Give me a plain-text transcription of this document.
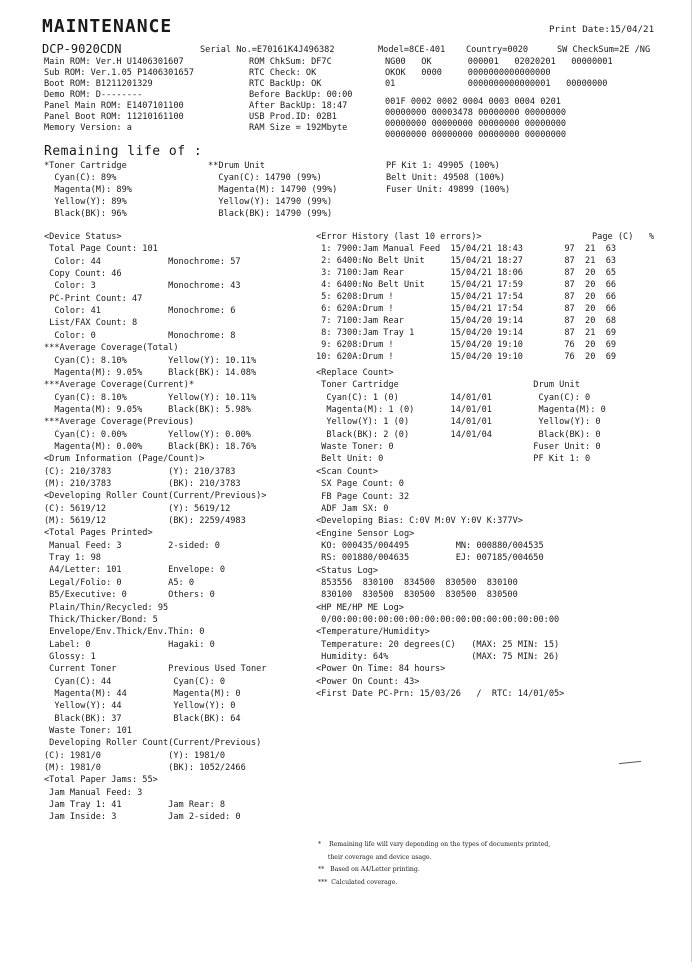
MAINTENANCE	Print Date:15/04/21
DCP-9020CDN	Serial No.=E70161K4J496382	Model=8CE-401 Country=0020	SW CheckSum=2E /NG
Main ROM: Ver.H U1406301607
Sub ROM: Ver.1.05 P1406301657
Boot ROM: B1211201329
Demo ROM: D--------
Panel Main ROM: E1407101100
Panel Boot ROM: 11210161100
Memory Version: a
ROM ChkSum: DF7C
RTC Check: OK
RTC BackUp: OK
Before BackUp: 00:00
After BackUp: 18:47
USB Prod.ID: 02B1
RAM Size = 192Mbyte
NG00   OK       000001   02020201   00000001
OKOK   0000     0000000000000000
01              0000000000000001   00000000
001F 0002 0002 0004 0003 0004 0201
00000000 00003478 00000000 00000000
00000000 00000000 00000000 00000000
00000000 00000000 00000000 00000000
Remaining life of :
*Toner Cartridge
Cyan(C): 89%
Magenta(M): 89%
Yellow(Y): 89%
Black(BK): 96%
**Drum Unit
Cyan(C): 14790 (99%)
Magenta(M): 14790 (99%)
Yellow(Y): 14790 (99%)
Black(BK): 14790 (99%)
PF Kit 1: 49905 (100%)
Belt Unit: 49508 (100%)
Fuser Unit: 49899 (100%)
<Device Status>
Total Page Count: 101
Color: 44             Monochrome: 57
Copy Count: 46
Color: 3              Monochrome: 43
PC-Print Count: 47
Color: 41             Monochrome: 6
List/FAX Count: 8
Color: 0              Monochrome: 8
***Average Coverage(Total)
Cyan(C): 8.10%        Yellow(Y): 10.11%
Magenta(M): 9.05%     Black(BK): 14.08%
***Average Coverage(Current)*
Cyan(C): 8.10%        Yellow(Y): 10.11%
Magenta(M): 9.05%     Black(BK): 5.98%
***Average Coverage(Previous)
Cyan(C): 0.00%        Yellow(Y): 0.00%
Magenta(M): 0.00%     Black(BK): 18.76%
<Drum Information (Page/Count)>
(C): 210/3783           (Y): 210/3783
(M): 210/3783           (BK): 210/3783
<Developing Roller Count(Current/Previous)>
(C): 5619/12            (Y): 5619/12
(M): 5619/12            (BK): 2259/4983
<Total Pages Printed>
Manual Feed: 3         2-sided: 0
Tray 1: 98
A4/Letter: 101         Envelope: 0
Legal/Folio: 0         A5: 0
B5/Executive: 0        Others: 0
Plain/Thin/Recycled: 95
Thick/Thicker/Bond: 5
Envelope/Env.Thick/Env.Thin: 0
Label: 0               Hagaki: 0
Glossy: 1
Current Toner          Previous Used Toner
Cyan(C): 44            Cyan(C): 0
Magenta(M): 44         Magenta(M): 0
Yellow(Y): 44          Yellow(Y): 0
Black(BK): 37          Black(BK): 64
Waste Toner: 101
Developing Roller Count(Current/Previous)
(C): 1981/0             (Y): 1981/0
(M): 1981/0             (BK): 1052/2466
<Total Paper Jams: 55>
Jam Manual Feed: 3
Jam Tray 1: 41         Jam Rear: 8
Jam Inside: 3          Jam 2-sided: 0
<Error History (last 10 errors)>	Page (C)   %
1: 7900:Jam Manual Feed  15/04/21 18:43        97  21  63
2: 6400:No Belt Unit     15/04/21 18:27        87  21  63
3: 7100:Jam Rear         15/04/21 18:06        87  20  65
4: 6400:No Belt Unit     15/04/21 17:59        87  20  66
5: 6208:Drum !           15/04/21 17:54        87  20  66
6: 620A:Drum !           15/04/21 17:54        87  20  66
7: 7100:Jam Rear         15/04/20 19:14        87  20  68
8: 7300:Jam Tray 1       15/04/20 19:14        87  21  69
9: 6208:Drum !           15/04/20 19:10        76  20  69
10: 620A:Drum !           15/04/20 19:10        76  20  69
<Replace Count>
Toner Cartridge                          Drum Unit
Cyan(C): 1 (0)          14/01/01         Cyan(C): 0
Magenta(M): 1 (0)       14/01/01         Magenta(M): 0
Yellow(Y): 1 (0)        14/01/01         Yellow(Y): 0
Black(BK): 2 (0)        14/01/04         Black(BK): 0
Waste Toner: 0                           Fuser Unit: 0
Belt Unit: 0                             PF Kit 1: 0
<Scan Count>
SX Page Count: 0
FB Page Count: 32
ADF Jam SX: 0
<Developing Bias: C:0V M:0V Y:0V K:377V>
<Engine Sensor Log>
KO: 000435/004495         MN: 000880/004535
RS: 001880/004635         EJ: 007185/004650
<Status Log>
853556  830100  834500  830500  830100
830100  830500  830500  830500  830500
<HP ME/HP ME Log>
0/00:00:00:00:00:00:00:00:00:00:00:00:00:00:00
<Temperature/Humidity>
Temperature: 20 degrees(C)   (MAX: 25 MIN: 15)
Humidity: 64%                (MAX: 75 MIN: 26)
<Power On Time: 84 hours>
<Power On Count: 43>
<First Date PC-Prn: 15/03/26   /  RTC: 14/01/05>
*    Remaining life will vary depending on the types of documents printed,
their coverage and device usage.
**   Based on A4/Letter printing.
***  Calculated coverage.
